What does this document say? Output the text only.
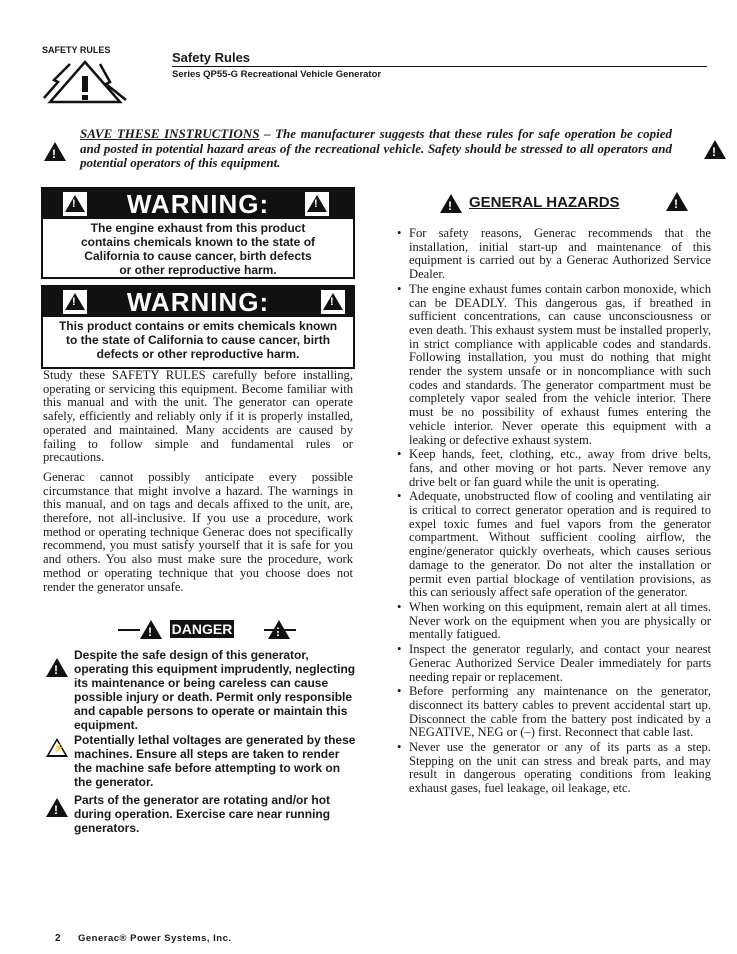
SAFETY RULES	Safety Rules
Series QP55-G Recreational Vehicle Generator
! !
SAVE THESE INSTRUCTIONS – The manufacturer suggests that these rules for safe operation be copied and posted in potential hazard areas of the recreational vehicle. Safety should be stressed to all operators and potential operators of this equipment.
!
WARNING:
!
The engine exhaust from this product contains chemicals known to the state of California to cause cancer, birth defects or other reproductive harm.
!
WARNING:
!
This product contains or emits chemicals known to the state of California to cause cancer, birth defects or other reproductive harm.

Study these SAFETY RULES carefully before installing, operating or servicing this equipment. Become familiar with this manual and with the unit. The generator can operate safely, efficiently and reliably only if it is properly installed, operated and maintained. Many accidents are caused by failing to follow simple and fundamental rules or precautions.

Generac cannot possibly anticipate every possible circumstance that might involve a hazard. The warnings in this manual, and on tags and decals affixed to the unit, are, therefore, not all-inclusive. If you use a procedure, work method or operating technique Generac does not specifically recommend, you must satisfy yourself that it is safe for you and others. You also must make sure the procedure, work method or operating technique that you choose does not render the generator unsafe.

!
DANGER
!
!
Despite the safe design of this generator, operating this equipment imprudently, neglecting its maintenance or being careless can cause possible injury or death. Permit only responsible and capable persons to operate or maintain this equipment.
⚡
Potentially lethal voltages are generated by these machines. Ensure all steps are taken to render the machine safe before attempting to work on the generator.
!
Parts of the generator are rotating and/or hot during operation. Exercise care near running generators.
!
GENERAL HAZARDS
!
• For safety reasons, Generac recommends that the installation, initial start-up and maintenance of this equipment is carried out by a Generac Authorized Service Dealer.
• The engine exhaust fumes contain carbon monoxide, which can be DEADLY. This dangerous gas, if breathed in sufficient concentrations, can cause unconsciousness or even death. This exhaust system must be installed properly, in strict compliance with applicable codes and standards. Following installation, you must do nothing that might render the system unsafe or in noncompliance with such codes and standards. The generator compartment must be completely vapor sealed from the vehicle interior. There must be no possibility of exhaust fumes entering the vehicle interior. Never operate this equipment with a leaking or defective exhaust system.
• Keep hands, feet, clothing, etc., away from drive belts, fans, and other moving or hot parts. Never remove any drive belt or fan guard while the unit is operating.
• Adequate, unobstructed flow of cooling and ventilating air is critical to correct generator operation and is required to expel toxic fumes and fuel vapors from the generator compartment. Without sufficient cooling airflow, the engine/generator quickly overheats, which causes serious damage to the generator. Do not alter the installation or permit even partial blockage of ventilation provisions, as this can seriously affect safe operation of the generator.
• When working on this equipment, remain alert at all times. Never work on the equipment when you are physically or mentally fatigued.
• Inspect the generator regularly, and contact your nearest Generac Authorized Service Dealer immediately for parts needing repair or replacement.
• Before performing any maintenance on the generator, disconnect its battery cables to prevent accidental start up. Disconnect the cable from the battery post indicated by a NEGATIVE, NEG or (–) first. Reconnect that cable last.
• Never use the generator or any of its parts as a step. Stepping on the unit can stress and break parts, and may result in dangerous operating conditions from leaking exhaust gases, fuel leakage, oil leakage, etc.
2 Generac® Power Systems, Inc.
